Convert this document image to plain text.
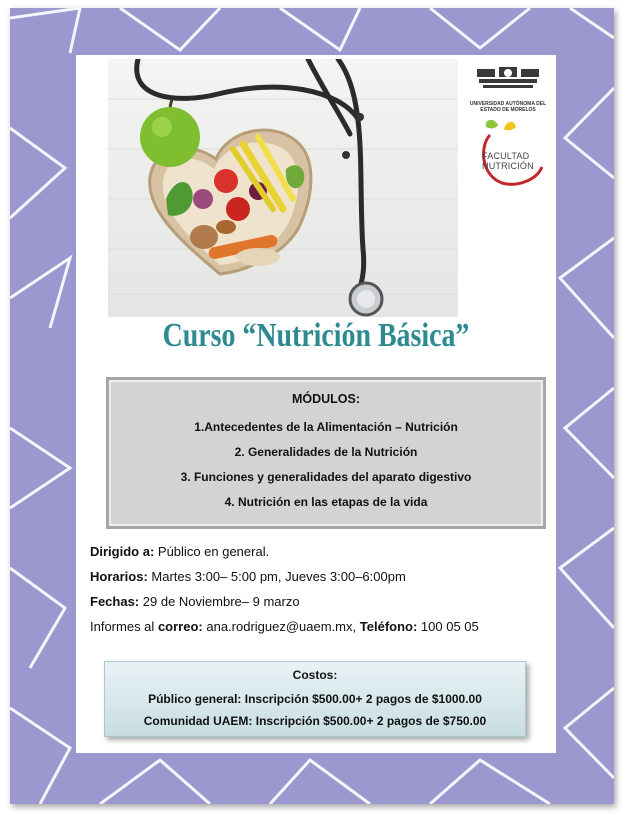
UNIVERSIDAD AUTÓNOMA DEL ESTADO DE MORELOS
FACULTAD NUTRICIÓN
Curso “Nutrición Básica”
MÓDULOS:
1.Antecedentes de la Alimentación – Nutrición
2. Generalidades de la Nutrición
3. Funciones y generalidades del aparato digestivo
4. Nutrición en las etapas de la vida
Dirigido a: Público en general.
Horarios: Martes 3:00– 5:00 pm, Jueves 3:00–6:00pm
Fechas: 29 de Noviembre– 9 marzo
Informes al correo: ana.rodriguez@uaem.mx, Teléfono: 100 05 05
Costos:
Público general: Inscripción $500.00+ 2 pagos de $1000.00
Comunidad UAEM: Inscripción $500.00+ 2 pagos de $750.00
